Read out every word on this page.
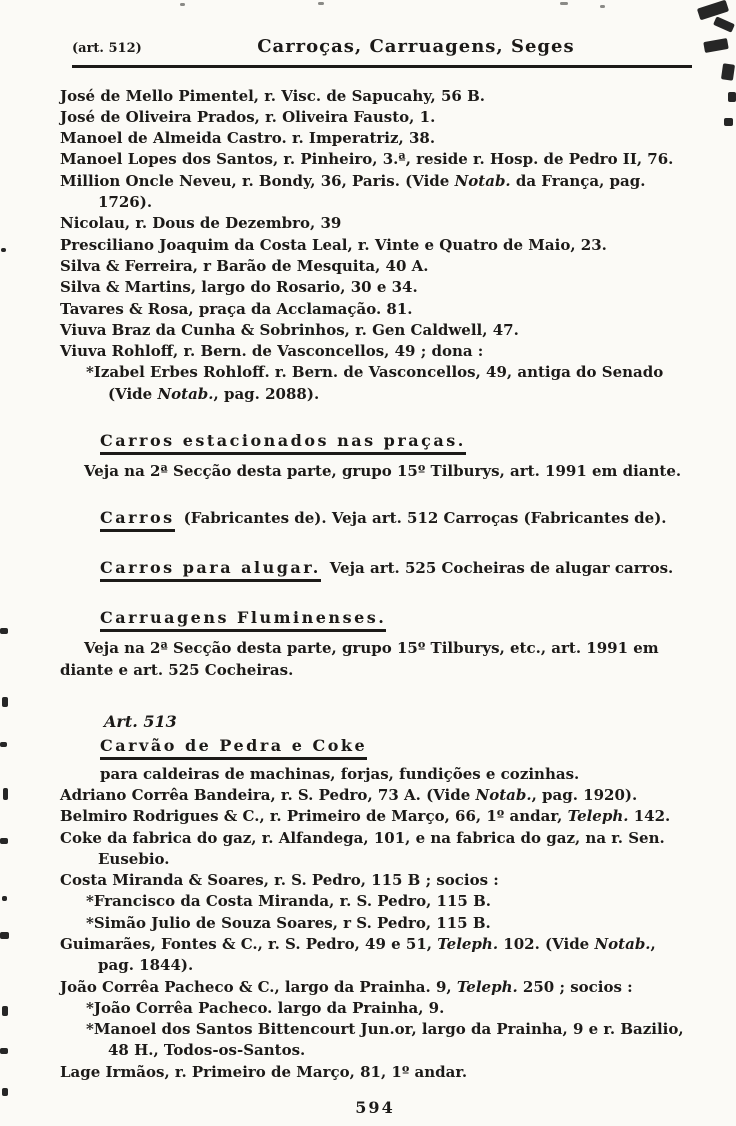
(art. 512)	Carroças, Carruagens, Seges

José de Mello Pimentel, r. Visc. de Sapucahy, 56 B.

José de Oliveira Prados, r. Oliveira Fausto, 1.

Manoel de Almeida Castro. r. Imperatriz, 38.

Manoel Lopes dos Santos, r. Pinheiro, 3.ª, reside r. Hosp. de Pedro II, 76.

Million Oncle Neveu, r. Bondy, 36, Paris. (Vide Notab. da França, pag. 1726).

Nicolau, r. Dous de Dezembro, 39

Presciliano Joaquim da Costa Leal, r. Vinte e Quatro de Maio, 23.

Silva & Ferreira, r Barão de Mesquita, 40 A.

Silva & Martins, largo do Rosario, 30 e 34.

Tavares & Rosa, praça da Acclamação. 81.

Viuva Braz da Cunha & Sobrinhos, r. Gen Caldwell, 47.

Viuva Rohloff, r. Bern. de Vasconcellos, 49 ; dona :

*Izabel Erbes Rohloff. r. Bern. de Vasconcellos, 49, antiga do Senado (Vide Notab., pag. 2088).

Carros estacionados nas praças.

Veja na 2ª Secção desta parte, grupo 15º Tilburys, art. 1991 em diante.

Carros (Fabricantes de). Veja art. 512 Carroças (Fabricantes de).

Carros para alugar. Veja art. 525 Cocheiras de alugar carros.

Carruagens Fluminenses.

Veja na 2ª Secção desta parte, grupo 15º Tilburys, etc., art. 1991 em diante e art. 525 Cocheiras.

Art. 513

Carvão de Pedra e Coke

para caldeiras de machinas, forjas, fundições e cozinhas.

Adriano Corrêa Bandeira, r. S. Pedro, 73 A. (Vide Notab., pag. 1920).

Belmiro Rodrigues & C., r. Primeiro de Março, 66, 1º andar, Teleph. 142.

Coke da fabrica do gaz, r. Alfandega, 101, e na fabrica do gaz, na r. Sen. Eusebio.

Costa Miranda & Soares, r. S. Pedro, 115 B ; socios :

*Francisco da Costa Miranda, r. S. Pedro, 115 B.

*Simão Julio de Souza Soares, r S. Pedro, 115 B.

Guimarães, Fontes & C., r. S. Pedro, 49 e 51, Teleph. 102. (Vide Notab., pag. 1844).

João Corrêa Pacheco & C., largo da Prainha. 9, Teleph. 250 ; socios :

*João Corrêa Pacheco. largo da Prainha, 9.

*Manoel dos Santos Bittencourt Jun.or, largo da Prainha, 9 e r. Bazilio, 48 H., Todos-os-Santos.

Lage Irmãos, r. Primeiro de Março, 81, 1º andar.

594
